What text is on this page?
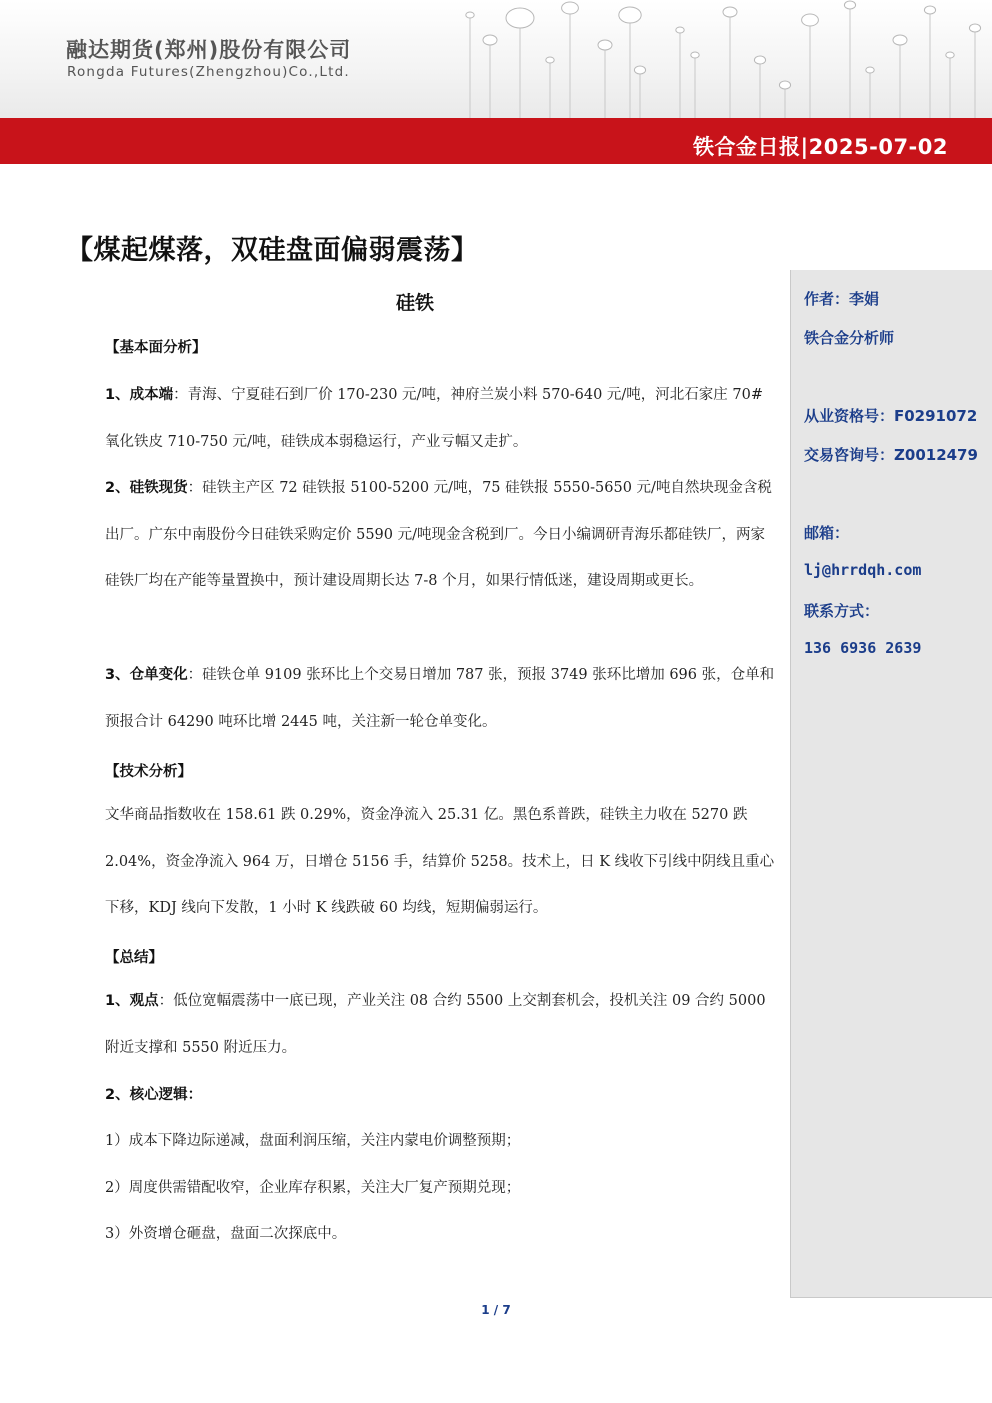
融达期货(郑州)股份有限公司
Rongda Futures(Zhengzhou)Co.,Ltd.
铁合金日报|2025-07-02
【煤起煤落，双硅盘面偏弱震荡】
硅铁
【基本面分析】
1、成本端：青海、宁夏硅石到厂价 170-230 元/吨，神府兰炭小料 570-640 元/吨，河北石家庄 70#氧化铁皮 710-750 元/吨，硅铁成本弱稳运行，产业亏幅又走扩。
2、硅铁现货：硅铁主产区 72 硅铁报 5100-5200 元/吨，75 硅铁报 5550-5650 元/吨自然块现金含税出厂。广东中南股份今日硅铁采购定价 5590 元/吨现金含税到厂。今日小编调研青海乐都硅铁厂，两家硅铁厂均在产能等量置换中，预计建设周期长达 7-8 个月，如果行情低迷，建设周期或更长。
3、仓单变化：硅铁仓单 9109 张环比上个交易日增加 787 张，预报 3749 张环比增加 696 张，仓单和预报合计 64290 吨环比增 2445 吨，关注新一轮仓单变化。
【技术分析】
文华商品指数收在 158.61 跌 0.29%，资金净流入 25.31 亿。黑色系普跌，硅铁主力收在 5270 跌 2.04%，资金净流入 964 万，日增仓 5156 手，结算价 5258。技术上，日 K 线收下引线中阴线且重心下移，KDJ 线向下发散，1 小时 K 线跌破 60 均线，短期偏弱运行。
【总结】
1、观点：低位宽幅震荡中一底已现，产业关注 08 合约 5500 上交割套机会，投机关注 09 合约 5000 附近支撑和 5550 附近压力。
2、核心逻辑：
1）成本下降边际递减，盘面利润压缩，关注内蒙电价调整预期；
2）周度供需错配收窄，企业库存积累，关注大厂复产预期兑现；
3）外资增仓砸盘，盘面二次探底中。
作者：李娟
铁合金分析师
从业资格号：F0291072
交易咨询号：Z0012479
邮箱：
lj@hrrdqh.com
联系方式：
136 6936 2639
1 / 7
